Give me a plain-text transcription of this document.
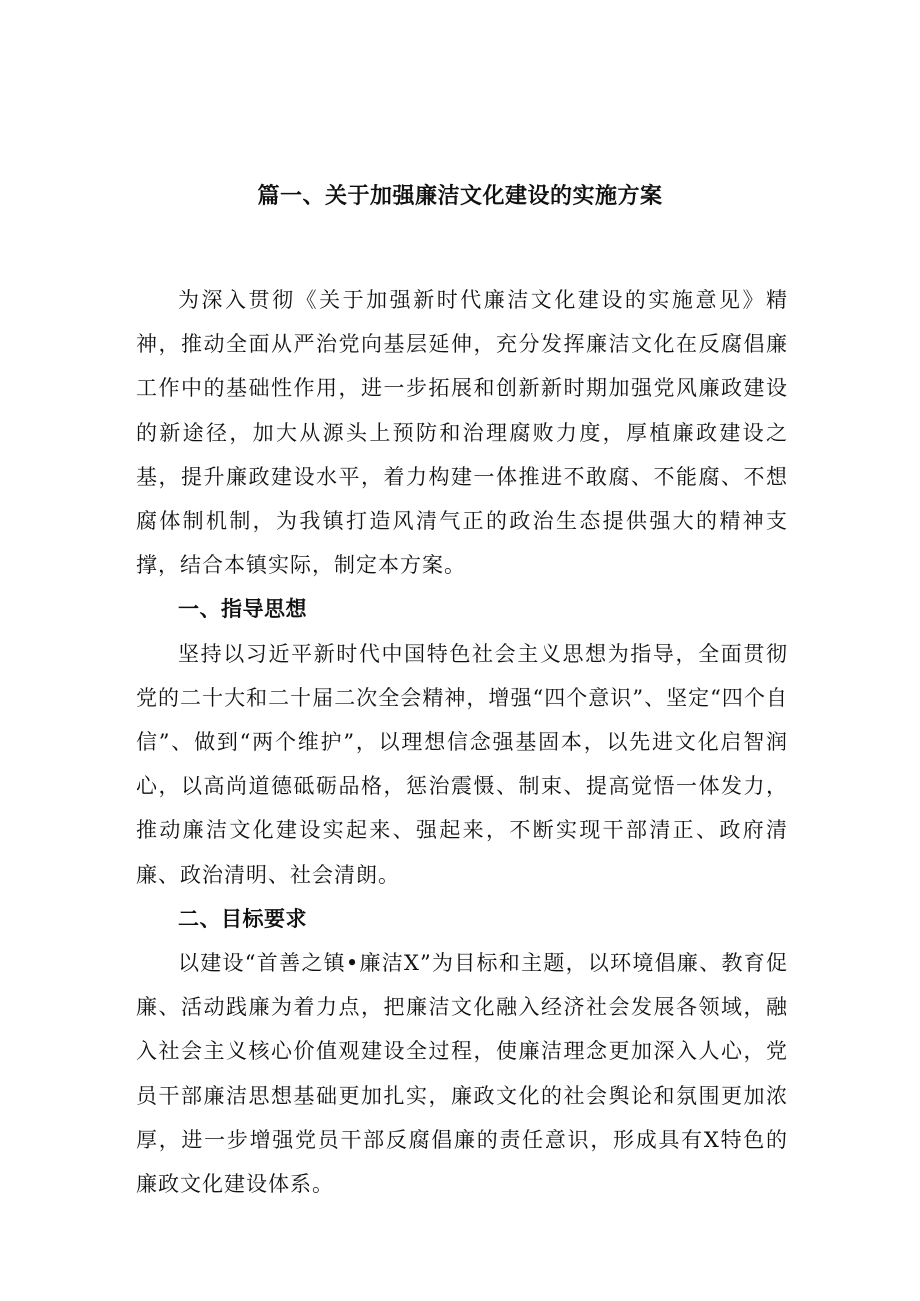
篇一、关于加强廉洁文化建设的实施方案

为深入贯彻《关于加强新时代廉洁文化建设的实施意见》精神，推动全面从严治党向基层延伸，充分发挥廉洁文化在反腐倡廉工作中的基础性作用，进一步拓展和创新新时期加强党风廉政建设的新途径，加大从源头上预防和治理腐败力度，厚植廉政建设之基，提升廉政建设水平，着力构建一体推进不敢腐、不能腐、不想腐体制机制，为我镇打造风清气正的政治生态提供强大的精神支撑，结合本镇实际，制定本方案。

一、指导思想

坚持以习近平新时代中国特色社会主义思想为指导，全面贯彻党的二十大和二十届二次全会精神，增强“四个意识”、坚定“四个自信”、做到“两个维护”，以理想信念强基固本，以先进文化启智润心，以高尚道德砥砺品格，惩治震慑、制束、提高觉悟一体发力，推动廉洁文化建设实起来、强起来，不断实现干部清正、政府清廉、政治清明、社会清朗。

二、目标要求

以建设“首善之镇•廉洁X”为目标和主题，以环境倡廉、教育促廉、活动践廉为着力点，把廉洁文化融入经济社会发展各领域，融入社会主义核心价值观建设全过程，使廉洁理念更加深入人心，党员干部廉洁思想基础更加扎实，廉政文化的社会舆论和氛围更加浓厚，进一步增强党员干部反腐倡廉的责任意识，形成具有X特色的廉政文化建设体系。
